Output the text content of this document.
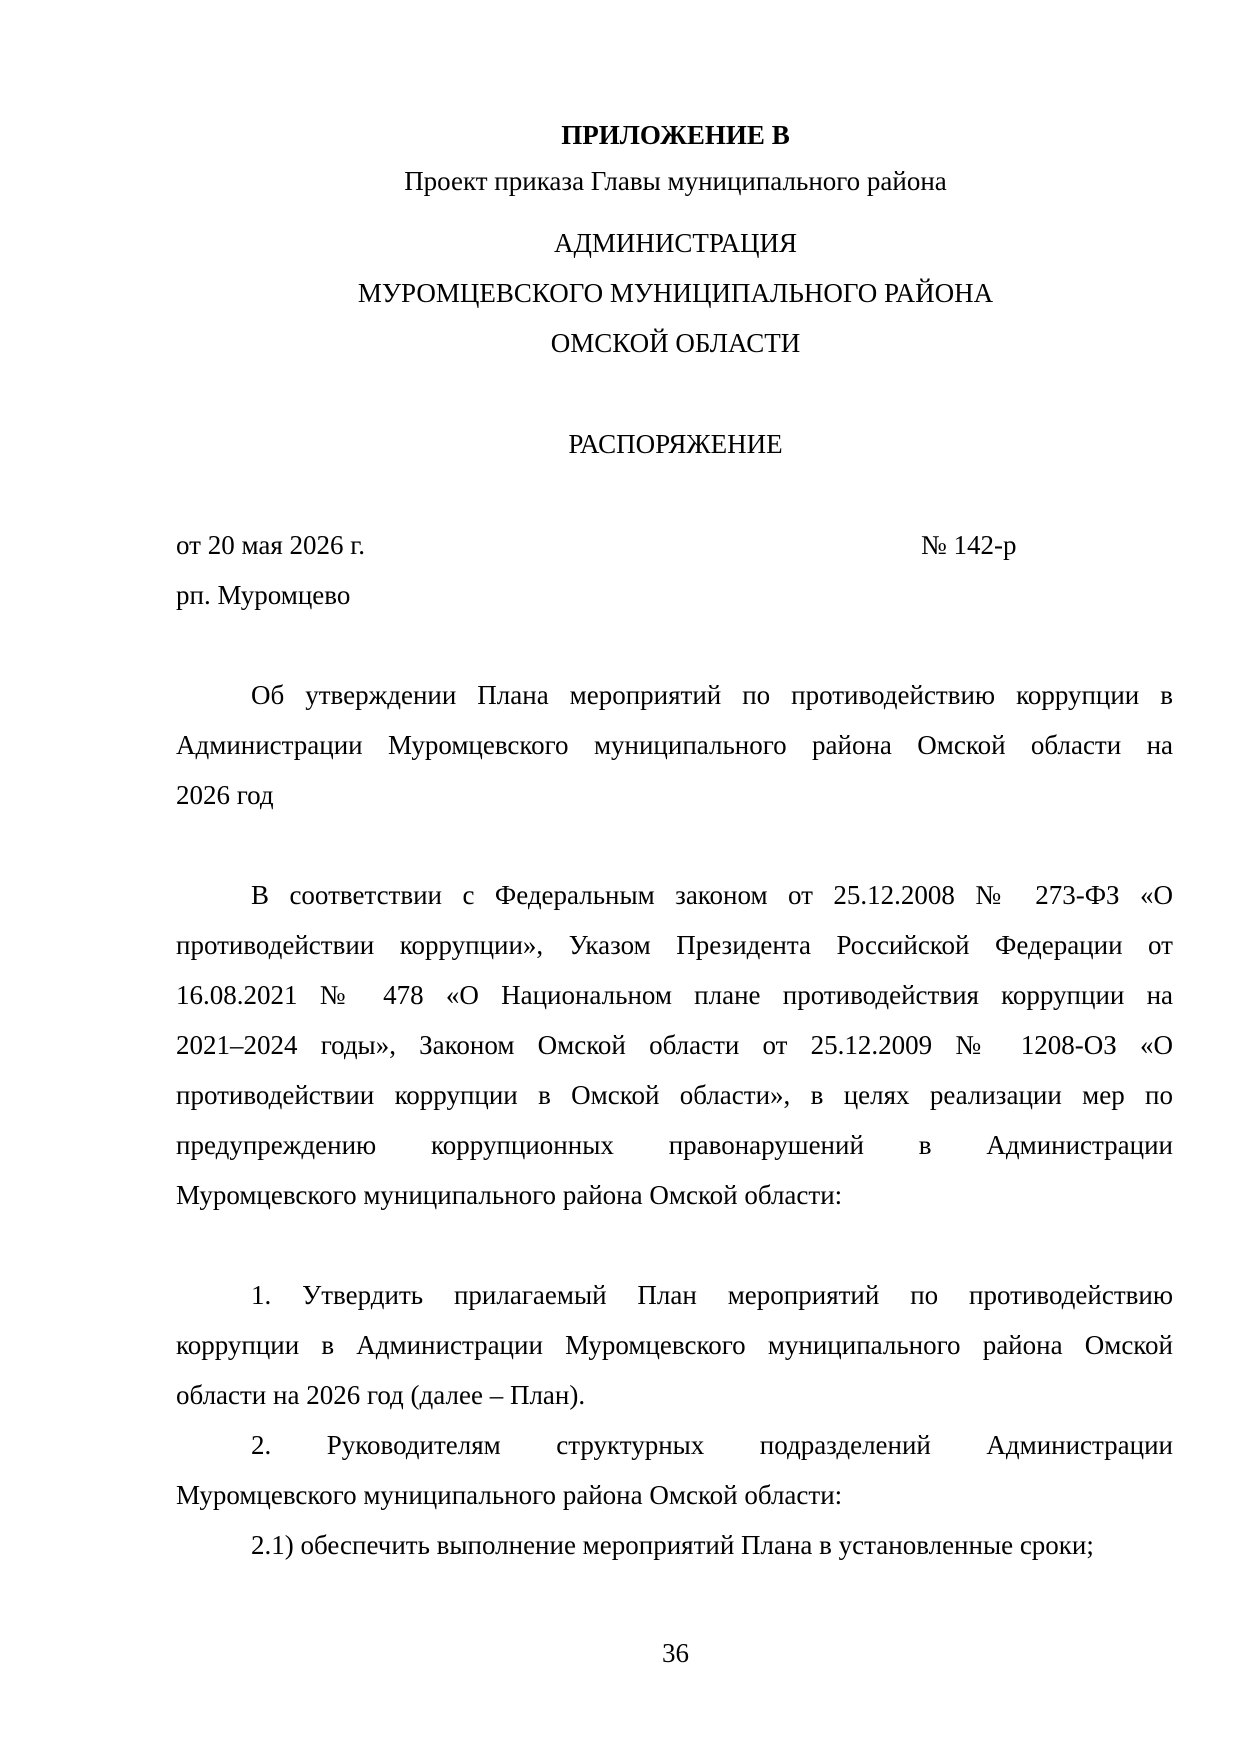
ПРИЛОЖЕНИЕ В
Проект приказа Главы муниципального района
АДМИНИСТРАЦИЯ
МУРОМЦЕВСКОГО МУНИЦИПАЛЬНОГО РАЙОНА
ОМСКОЙ ОБЛАСТИ
РАСПОРЯЖЕНИЕ
от 20 мая 2026 г.	№ 142-р
рп. Муромцево
Об утверждении Плана мероприятий по противодействию коррупции в
Администрации Муромцевского муниципального района Омской области на
2026 год
В соответствии с Федеральным законом от 25.12.2008 № 273-ФЗ «О
противодействии коррупции», Указом Президента Российской Федерации от
16.08.2021 № 478 «О Национальном плане противодействия коррупции на
2021–2024 годы», Законом Омской области от 25.12.2009 № 1208-ОЗ «О
противодействии коррупции в Омской области», в целях реализации мер по
предупреждению коррупционных правонарушений в Администрации
Муромцевского муниципального района Омской области:
1. Утвердить прилагаемый План мероприятий по противодействию
коррупции в Администрации Муромцевского муниципального района Омской
области на 2026 год (далее – План).
2. Руководителям структурных подразделений Администрации
Муромцевского муниципального района Омской области:
2.1) обеспечить выполнение мероприятий Плана в установленные сроки;
36
